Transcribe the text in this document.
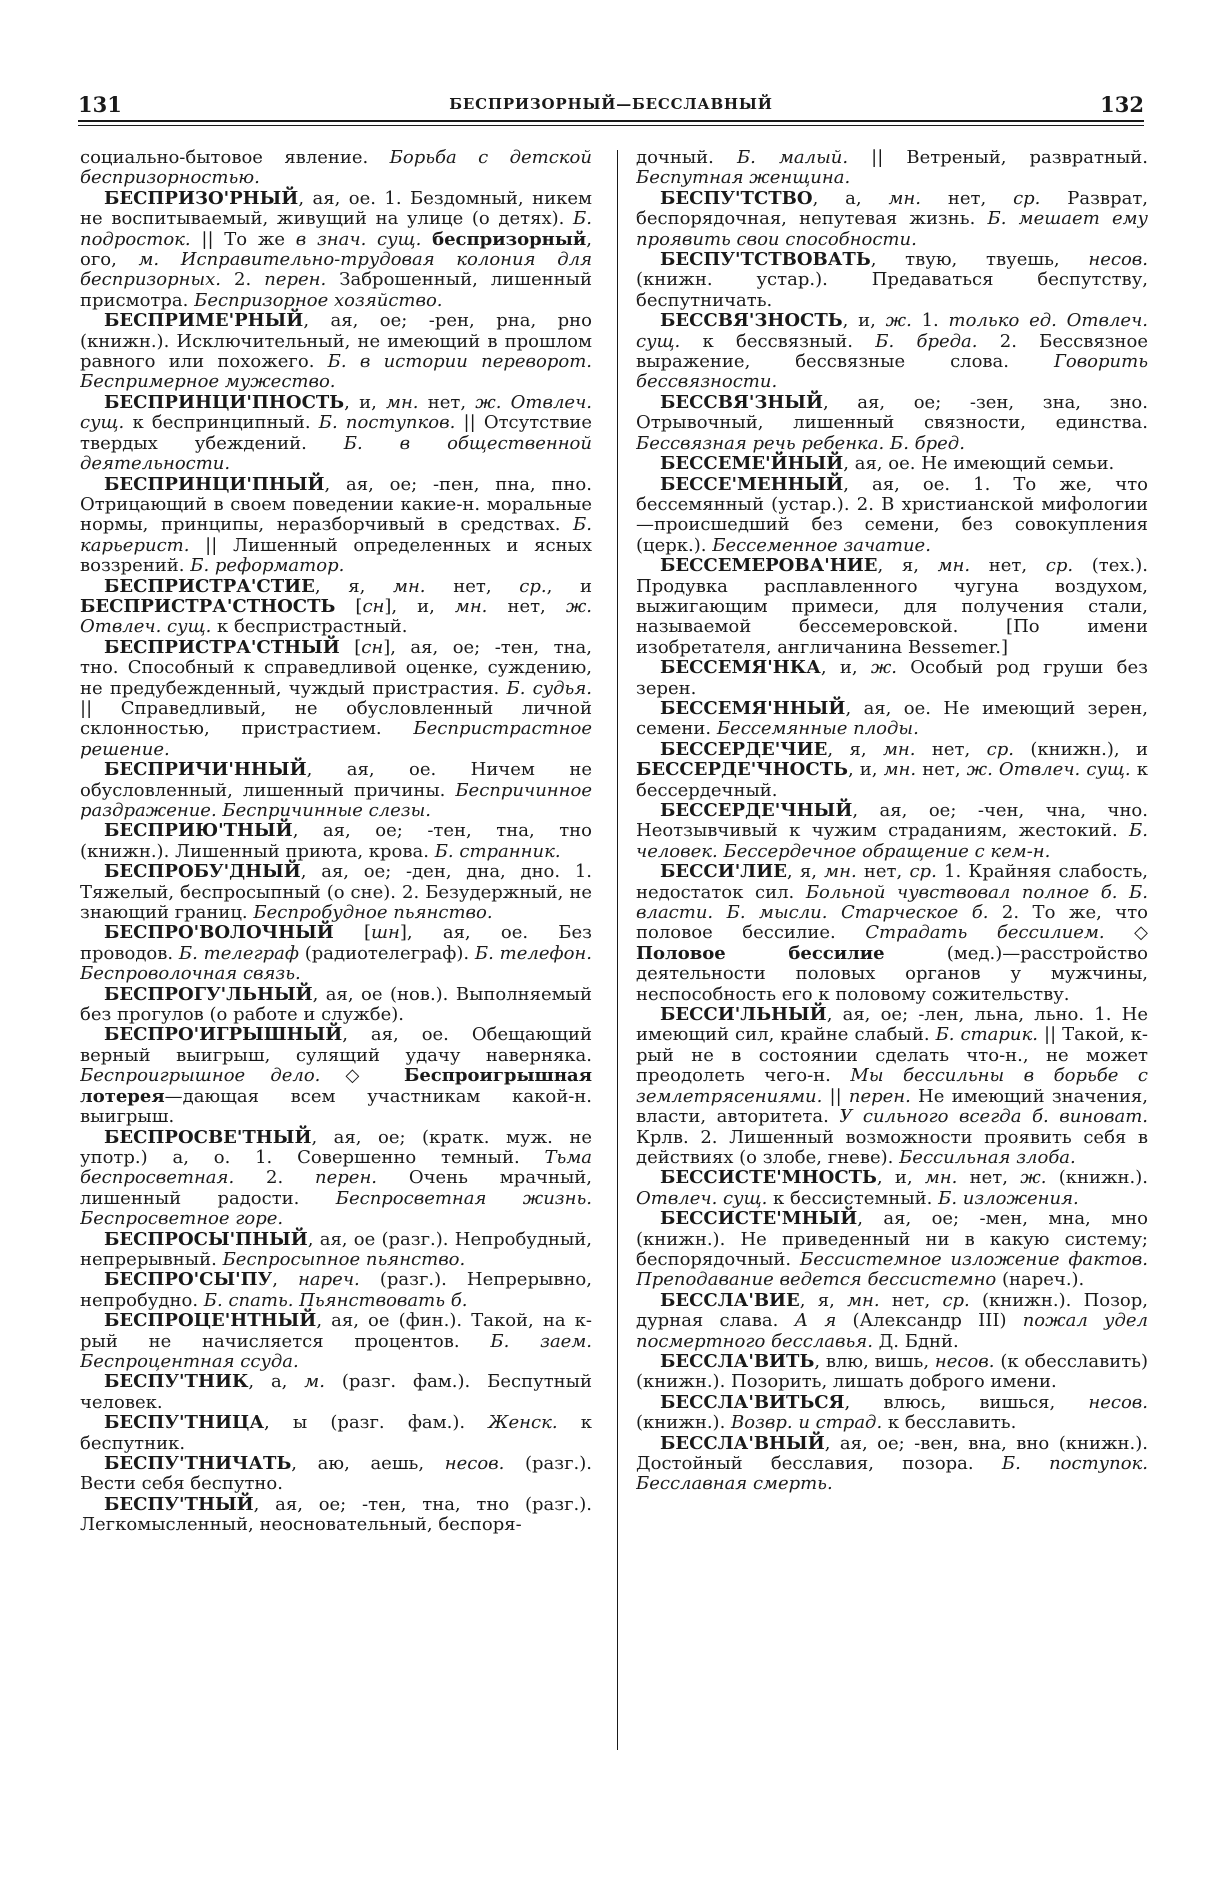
131	БЕСПРИЗОРНЫЙ—БЕССЛАВНЫЙ	132

социально-бытовое явление. Борьба с детской беспризорностью.

БЕСПРИЗО'РНЫЙ, ая, ое. 1. Бездомный, никем не воспитываемый, живущий на улице (о детях). Б. подросток. || То же в знач. сущ. беспризорный, ого, м. Исправительно-трудовая колония для беспризорных. 2. перен. Заброшенный, лишенный присмотра. Беспризорное хозяйство.

БЕСПРИМЕ'РНЫЙ, ая, ое; -рен, рна, рно (книжн.). Исключительный, не имеющий в прошлом равного или похожего. Б. в истории переворот. Беспримерное мужество.

БЕСПРИНЦИ'ПНОСТЬ, и, мн. нет, ж. Отвлеч. сущ. к беспринципный. Б. поступков. || Отсутствие твердых убеждений. Б. в общественной деятельности.

БЕСПРИНЦИ'ПНЫЙ, ая, ое; -пен, пна, пно. Отрицающий в своем поведении какие-н. моральные нормы, принципы, неразборчивый в средствах. Б. карьерист. || Лишенный определенных и ясных воззрений. Б. реформатор.

БЕСПРИСТРА'СТИЕ, я, мн. нет, ср., и БЕСПРИСТРА'СТНОСТЬ [сн], и, мн. нет, ж. Отвлеч. сущ. к беспристрастный.

БЕСПРИСТРА'СТНЫЙ [сн], ая, ое; -тен, тна, тно. Способный к справедливой оценке, суждению, не предубежденный, чуждый пристрастия. Б. судья. || Справедливый, не обусловленный личной склонностью, пристрастием. Беспристрастное решение.

БЕСПРИЧИ'ННЫЙ, ая, ое. Ничем не обусловленный, лишенный причины. Беспричинное раздражение. Беспричинные слезы.

БЕСПРИЮ'ТНЫЙ, ая, ое; -тен, тна, тно (книжн.). Лишенный приюта, крова. Б. странник.

БЕСПРОБУ'ДНЫЙ, ая, ое; -ден, дна, дно. 1. Тяжелый, беспросыпный (о сне). 2. Безудержный, не знающий границ. Беспробудное пьянство.

БЕСПРО'ВОЛОЧНЫЙ [шн], ая, ое. Без проводов. Б. телеграф (радиотелеграф). Б. телефон. Беспроволочная связь.

БЕСПРОГУ'ЛЬНЫЙ, ая, ое (нов.). Выполняемый без прогулов (о работе и службе).

БЕСПРО'ИГРЫШНЫЙ, ая, ое. Обещающий верный выигрыш, сулящий удачу наверняка. Беспроигрышное дело. ◇ Беспроигрышная лотерея—дающая всем участникам какой-н. выигрыш.

БЕСПРОСВЕ'ТНЫЙ, ая, ое; (кратк. муж. не употр.) а, о. 1. Совершенно темный. Тьма беспросветная. 2. перен. Очень мрачный, лишенный радости. Беспросветная жизнь. Беспросветное горе.

БЕСПРОСЫ'ПНЫЙ, ая, ое (разг.). Непробудный, непрерывный. Беспросыпное пьянство.

БЕСПРО'СЫ'ПУ, нареч. (разг.). Непрерывно, непробудно. Б. спать. Пьянствовать б.

БЕСПРОЦЕ'НТНЫЙ, ая, ое (фин.). Такой, на к-рый не начисляется процентов. Б. заем. Беспроцентная ссуда.

БЕСПУ'ТНИК, а, м. (разг. фам.). Беспутный человек.

БЕСПУ'ТНИЦА, ы (разг. фам.). Женск. к беспутник.

БЕСПУ'ТНИЧАТЬ, аю, аешь, несов. (разг.). Вести себя беспутно.

БЕСПУ'ТНЫЙ, ая, ое; -тен, тна, тно (разг.). Легкомысленный, неосновательный, беспоря-

дочный. Б. малый. || Ветреный, развратный. Беспутная женщина.

БЕСПУ'ТСТВО, а, мн. нет, ср. Разврат, беспорядочная, непутевая жизнь. Б. мешает ему проявить свои способности.

БЕСПУ'ТСТВОВАТЬ, твую, твуешь, несов. (книжн. устар.). Предаваться беспутству, беспутничать.

БЕССВЯ'ЗНОСТЬ, и, ж. 1. только ед. Отвлеч. сущ. к бессвязный. Б. бреда. 2. Бессвязное выражение, бессвязные слова. Говорить бессвязности.

БЕССВЯ'ЗНЫЙ, ая, ое; -зен, зна, зно. Отрывочный, лишенный связности, единства. Бессвязная речь ребенка. Б. бред.

БЕССЕМЕ'ЙНЫЙ, ая, ое. Не имеющий семьи.

БЕССЕ'МЕННЫЙ, ая, ое. 1. То же, что бессемянный (устар.). 2. В христианской мифологии—происшедший без семени, без совокупления (церк.). Бессеменное зачатие.

БЕССЕМЕРОВА'НИЕ, я, мн. нет, ср. (тех.). Продувка расплавленного чугуна воздухом, выжигающим примеси, для получения стали, называемой бессемеровской. [По имени изобретателя, англичанина Bessemer.]

БЕССЕМЯ'НКА, и, ж. Особый род груши без зерен.

БЕССЕМЯ'ННЫЙ, ая, ое. Не имеющий зерен, семени. Бессемянные плоды.

БЕССЕРДЕ'ЧИЕ, я, мн. нет, ср. (книжн.), и БЕССЕРДЕ'ЧНОСТЬ, и, мн. нет, ж. Отвлеч. сущ. к бессердечный.

БЕССЕРДЕ'ЧНЫЙ, ая, ое; -чен, чна, чно. Неотзывчивый к чужим страданиям, жестокий. Б. человек. Бессердечное обращение с кем-н.

БЕССИ'ЛИЕ, я, мн. нет, ср. 1. Крайняя слабость, недостаток сил. Больной чувствовал полное б. Б. власти. Б. мысли. Старческое б. 2. То же, что половое бессилие. Страдать бессилием. ◇ Половое бессилие (мед.)—расстройство деятельности половых органов у мужчины, неспособность его к половому сожительству.

БЕССИ'ЛЬНЫЙ, ая, ое; -лен, льна, льно. 1. Не имеющий сил, крайне слабый. Б. старик. || Такой, к-рый не в состоянии сделать что-н., не может преодолеть чего-н. Мы бессильны в борьбе с землетрясениями. || перен. Не имеющий значения, власти, авторитета. У сильного всегда б. виноват. Крлв. 2. Лишенный возможности проявить себя в действиях (о злобе, гневе). Бессильная злоба.

БЕССИСТЕ'МНОСТЬ, и, мн. нет, ж. (книжн.). Отвлеч. сущ. к бессистемный. Б. изложения.

БЕССИСТЕ'МНЫЙ, ая, ое; -мен, мна, мно (книжн.). Не приведенный ни в какую систему; беспорядочный. Бессистемное изложение фактов. Преподавание ведется бессистемно (нареч.).

БЕССЛА'ВИЕ, я, мн. нет, ср. (книжн.). Позор, дурная слава. А я (Александр III) пожал удел посмертного бесславья. Д. Бднй.

БЕССЛА'ВИТЬ, влю, вишь, несов. (к обесславить) (книжн.). Позорить, лишать доброго имени.

БЕССЛА'ВИТЬСЯ, влюсь, вишься, несов. (книжн.). Возвр. и страд. к бесславить.

БЕССЛА'ВНЫЙ, ая, ое; -вен, вна, вно (книжн.). Достойный бесславия, позора. Б. поступок. Бесславная смерть.
